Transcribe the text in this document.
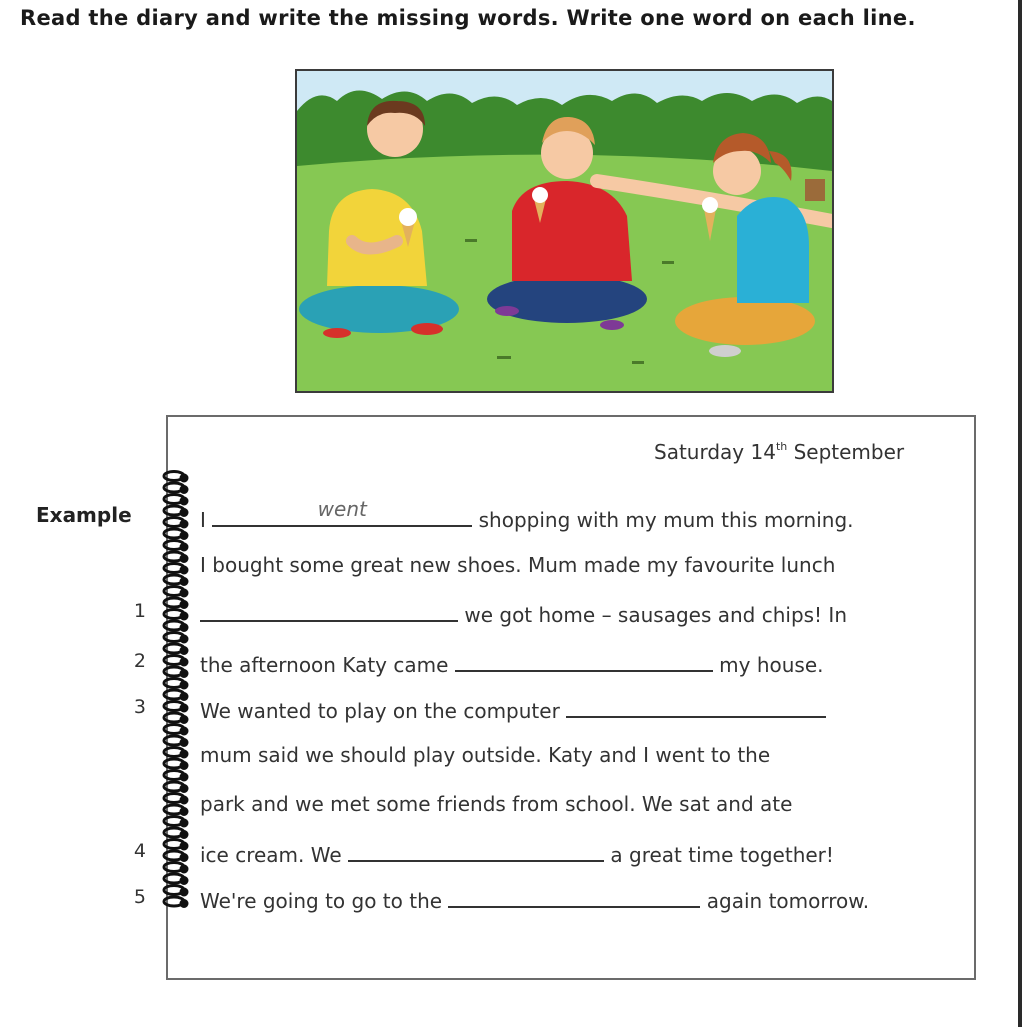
Read the diary and write the missing words. Write one word on each line.
Saturday 14th September
Example	I	went	shopping with my mum this morning.
I bought some great new shoes. Mum made my favourite lunch
1	we got home – sausages and chips! In
2	the afternoon Katy came	my house.
3	We wanted to play on the computer
mum said we should play outside. Katy and I went to the
park and we met some friends from school. We sat and ate
4	ice cream. We	a great time together!
5	We're going to go to the	again tomorrow.
